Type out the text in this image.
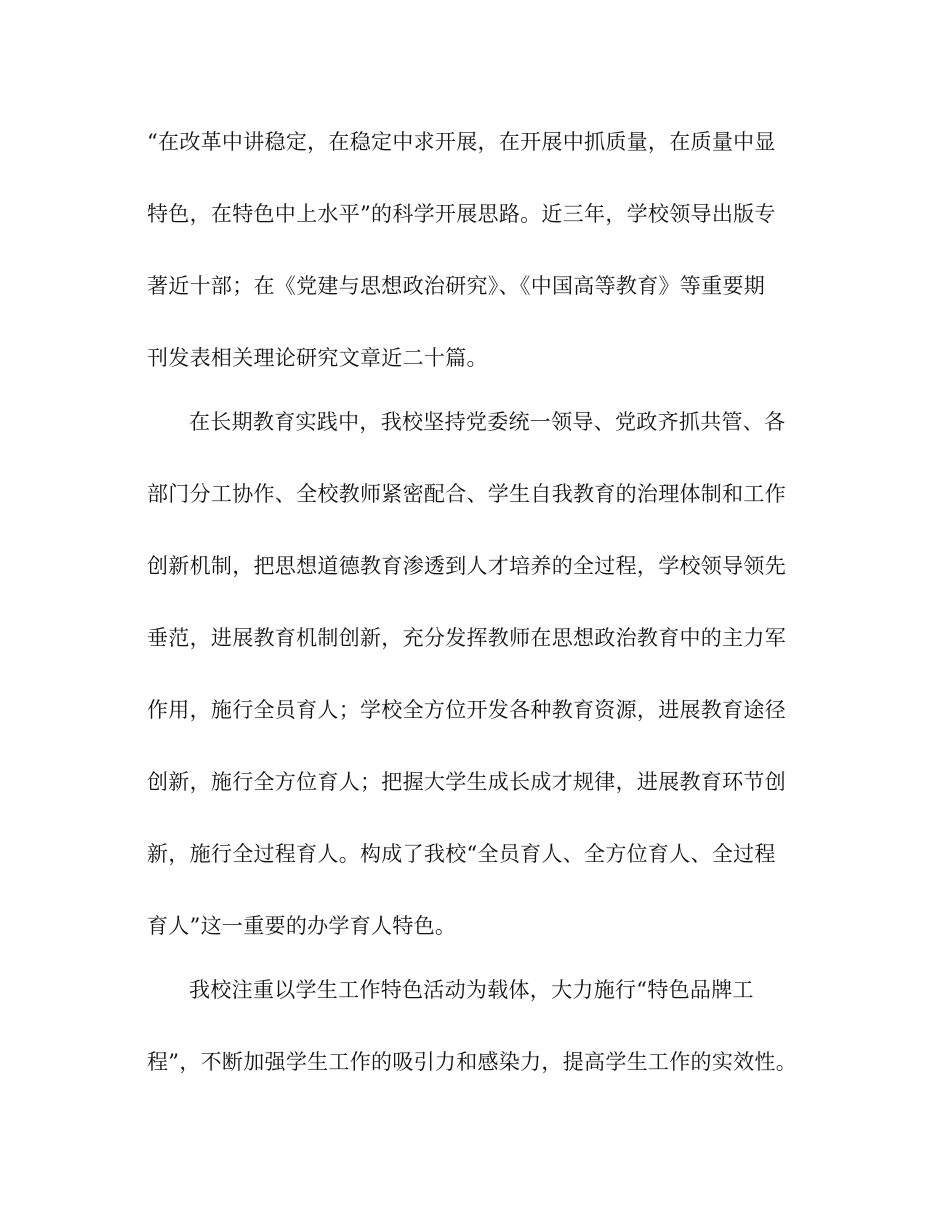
“在改革中讲稳定，在稳定中求开展，在开展中抓质量，在质量中显
特色，在特色中上水平”的科学开展思路。近三年，学校领导出版专
著近十部；在《党建与思想政治研究》、《中国高等教育》等重要期
刊发表相关理论研究文章近二十篇。
在长期教育实践中，我校坚持党委统一领导、党政齐抓共管、各
部门分工协作、全校教师紧密配合、学生自我教育的治理体制和工作
创新机制，把思想道德教育渗透到人才培养的全过程，学校领导领先
垂范，进展教育机制创新，充分发挥教师在思想政治教育中的主力军
作用，施行全员育人；学校全方位开发各种教育资源，进展教育途径
创新，施行全方位育人；把握大学生成长成才规律，进展教育环节创
新，施行全过程育人。构成了我校“全员育人、全方位育人、全过程
育人”这一重要的办学育人特色。
我校注重以学生工作特色活动为载体，大力施行“特色品牌工
程”，不断加强学生工作的吸引力和感染力，提高学生工作的实效性。
